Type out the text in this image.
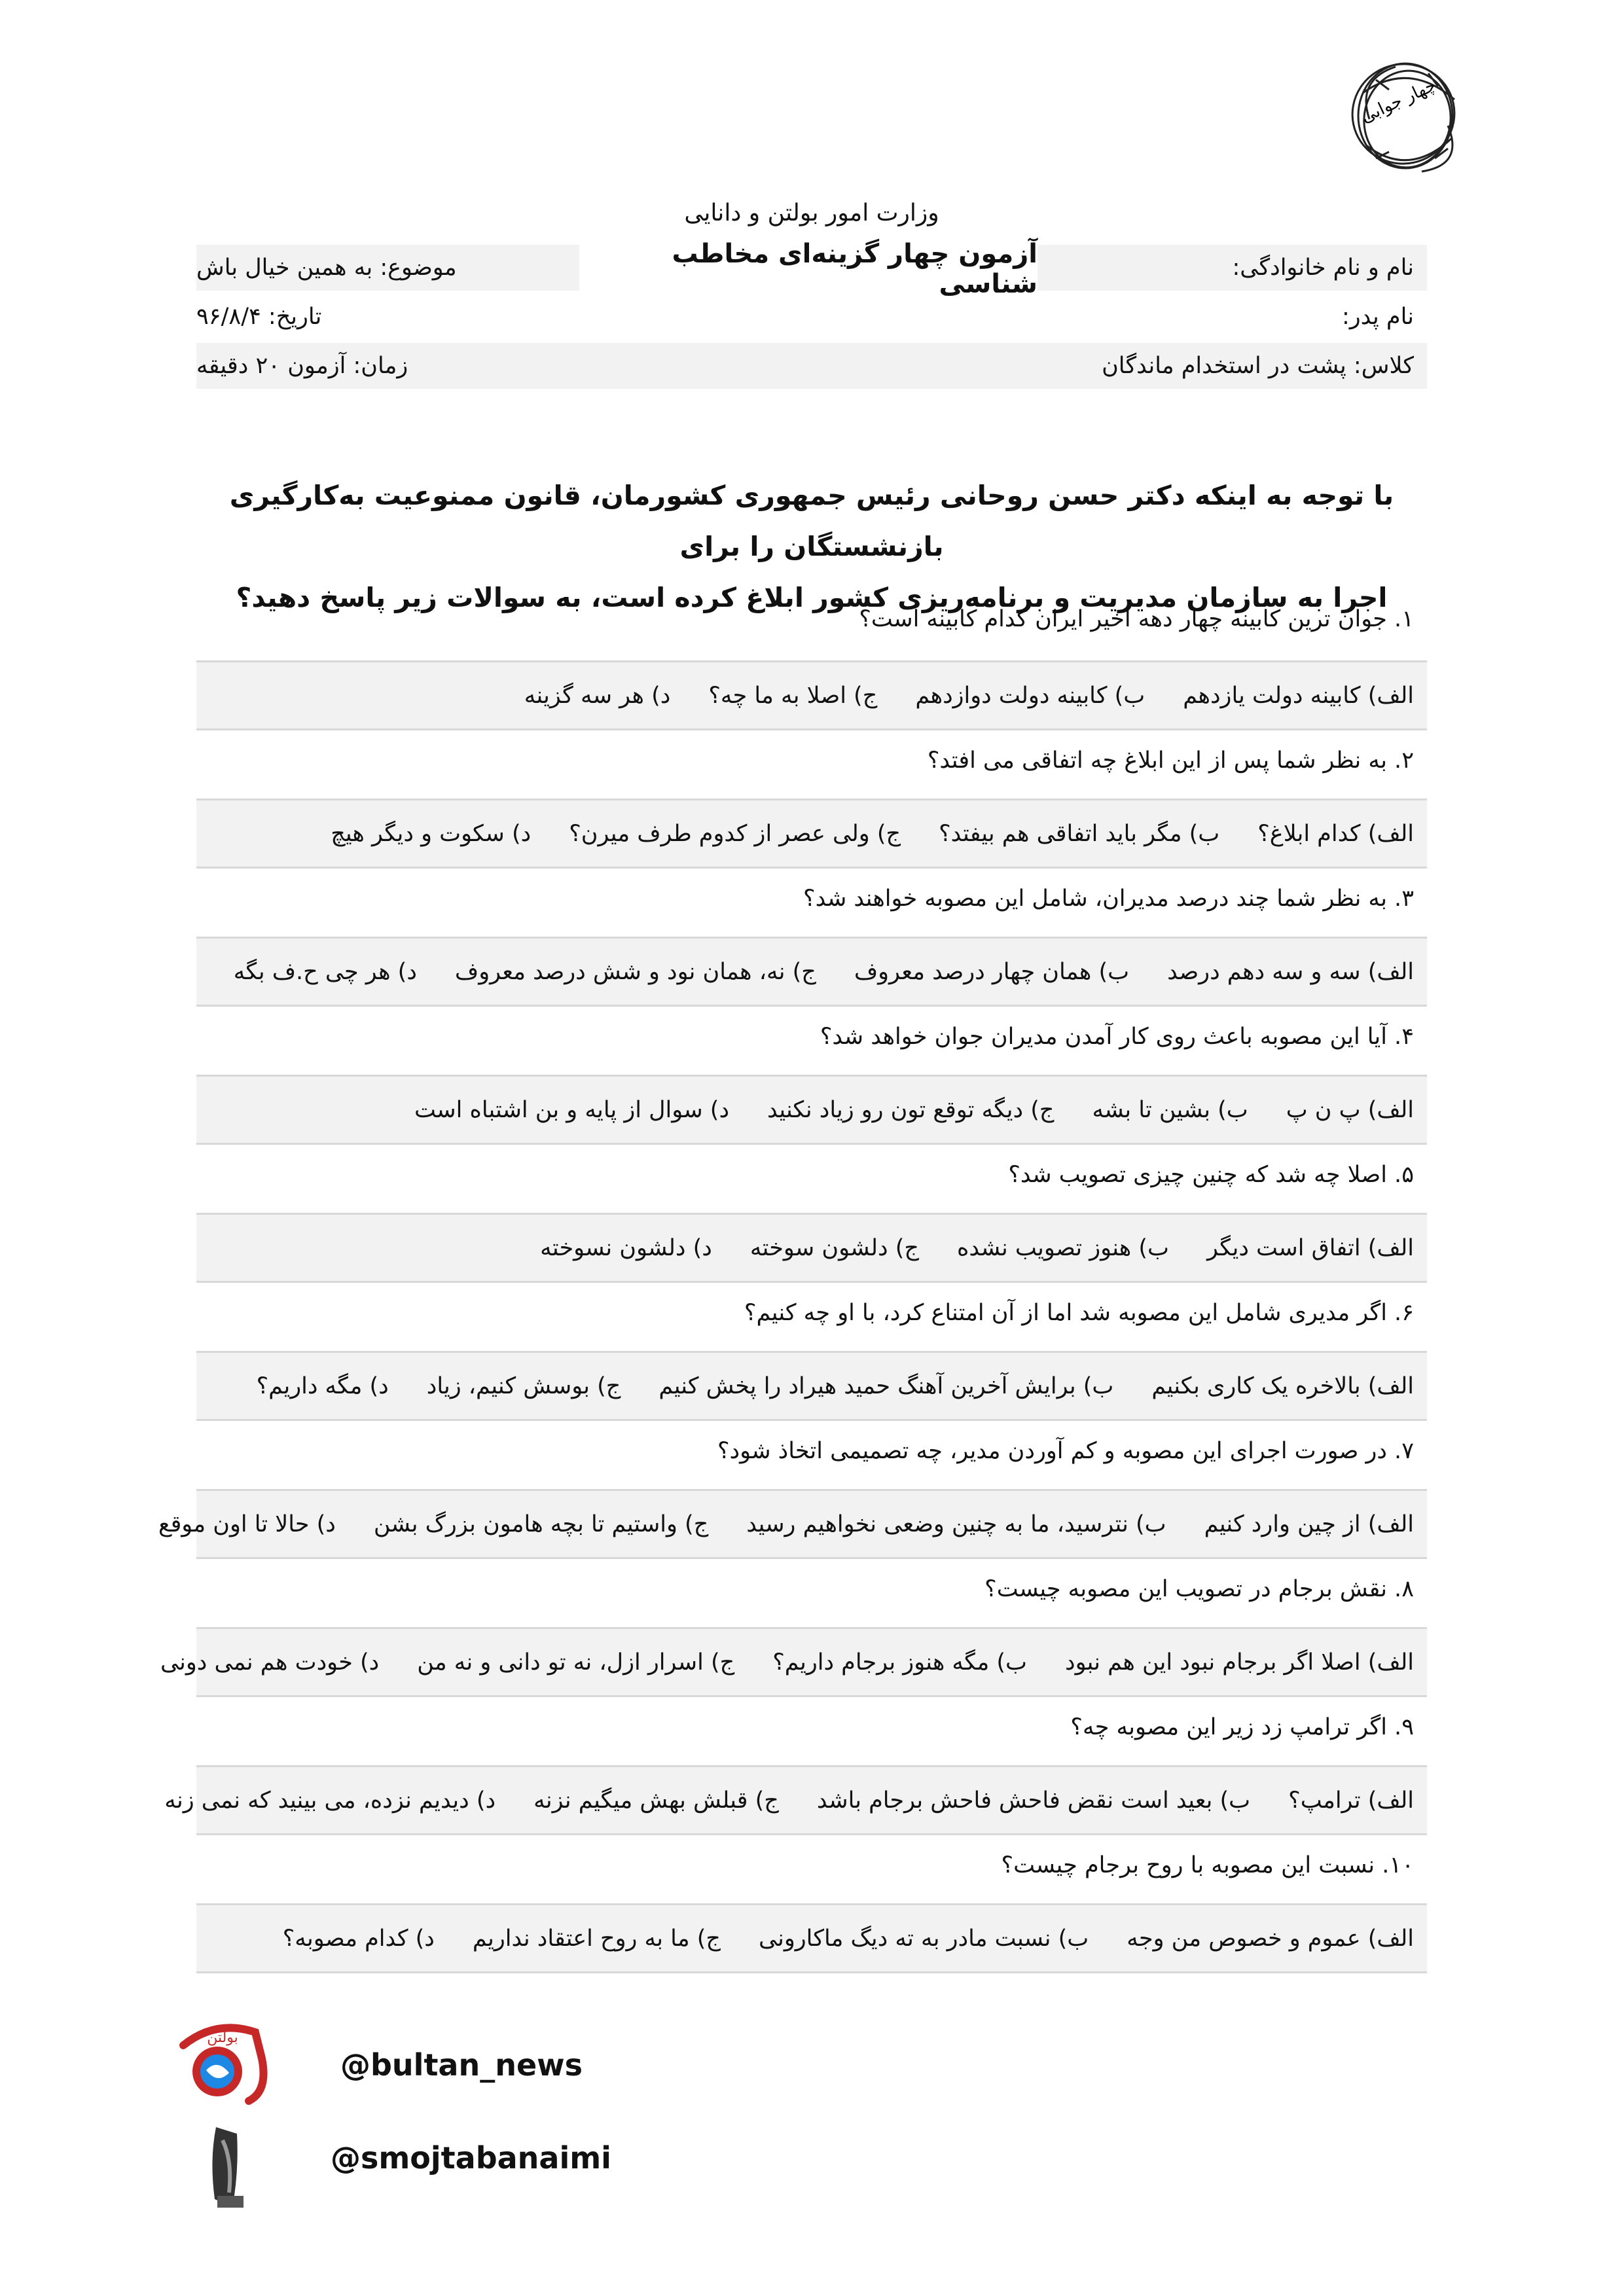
چهار جوابی
وزارت امور بولتن و دانایی
نام و نام خانوادگی:
موضوع: به همین خیال باش	آزمون چهار گزینه‌ای مخاطب شناسی
نام پدر:
تاریخ: ۹۶/۸/۴
کلاس: پشت در استخدام ماندگان
زمان: آزمون ۲۰ دقیقه
با توجه به اینکه دکتر حسن روحانی رئیس جمهوری کشورمان، قانون ممنوعیت به‌کارگیری بازنشستگان را برای
اجرا به سازمان مدیریت و برنامه‌ریزی کشور ابلاغ کرده است، به سوالات زیر پاسخ دهید؟
۱. جوان ترین کابینه چهار دهه اخیر ایران کدام کابینه است؟
الف) کابینه دولت یازدهم
ب) کابینه دولت دوازدهم
ج) اصلا به ما چه؟
د) هر سه گزینه
۲. به نظر شما پس از این ابلاغ چه اتفاقی می افتد؟
الف) کدام ابلاغ؟
ب) مگر باید اتفاقی هم بیفتد؟
ج) ولی عصر از کدوم طرف میرن؟
د) سکوت و دیگر هیچ
۳. به نظر شما چند درصد مدیران، شامل این مصوبه خواهند شد؟
الف) سه و سه دهم درصد
ب) همان چهار درصد معروف
ج) نه، همان نود و شش درصد معروف
د) هر چی ح.ف بگه
۴. آیا این مصوبه باعث روی کار آمدن مدیران جوان خواهد شد؟
الف) پ ن پ
ب) بشین تا بشه
ج) دیگه توقع تون رو زیاد نکنید
د) سوال از پایه و بن اشتباه است
۵. اصلا چه شد که چنین چیزی تصویب شد؟
الف) اتفاق است دیگر
ب) هنوز تصویب نشده
ج) دلشون سوخته
د) دلشون نسوخته
۶. اگر مدیری شامل این مصوبه شد اما از آن امتناع کرد، با او چه کنیم؟
الف) بالاخره یک کاری بکنیم
ب) برایش آخرین آهنگ حمید هیراد را پخش کنیم
ج) بوسش کنیم، زیاد
د) مگه داریم؟
۷. در صورت اجرای این مصوبه و کم آوردن مدیر، چه تصمیمی اتخاذ شود؟
الف) از چین وارد کنیم
ب) نترسید، ما به چنین وضعی نخواهیم رسید
ج) واستیم تا بچه هامون بزرگ بشن
د) حالا تا اون موقع
۸. نقش برجام در تصویب این مصوبه چیست؟
الف) اصلا اگر برجام نبود این هم نبود
ب) مگه هنوز برجام داریم؟
ج) اسرار ازل، نه تو دانی و نه من
د) خودت هم نمی دونی
۹. اگر ترامپ زد زیر این مصوبه چه؟
الف) ترامپ؟
ب) بعید است نقض فاحش فاحش برجام باشد
ج) قبلش بهش میگیم نزنه
د) دیدیم نزده، می بینید که نمی زنه
۱۰. نسبت این مصوبه با روح برجام چیست؟
الف) عموم و خصوص من وجه
ب) نسبت مادر به ته دیگ ماکارونی
ج) ما به روح اعتقاد نداریم
د) کدام مصوبه؟
بولتن
@bultan_news
@smojtabanaimi
